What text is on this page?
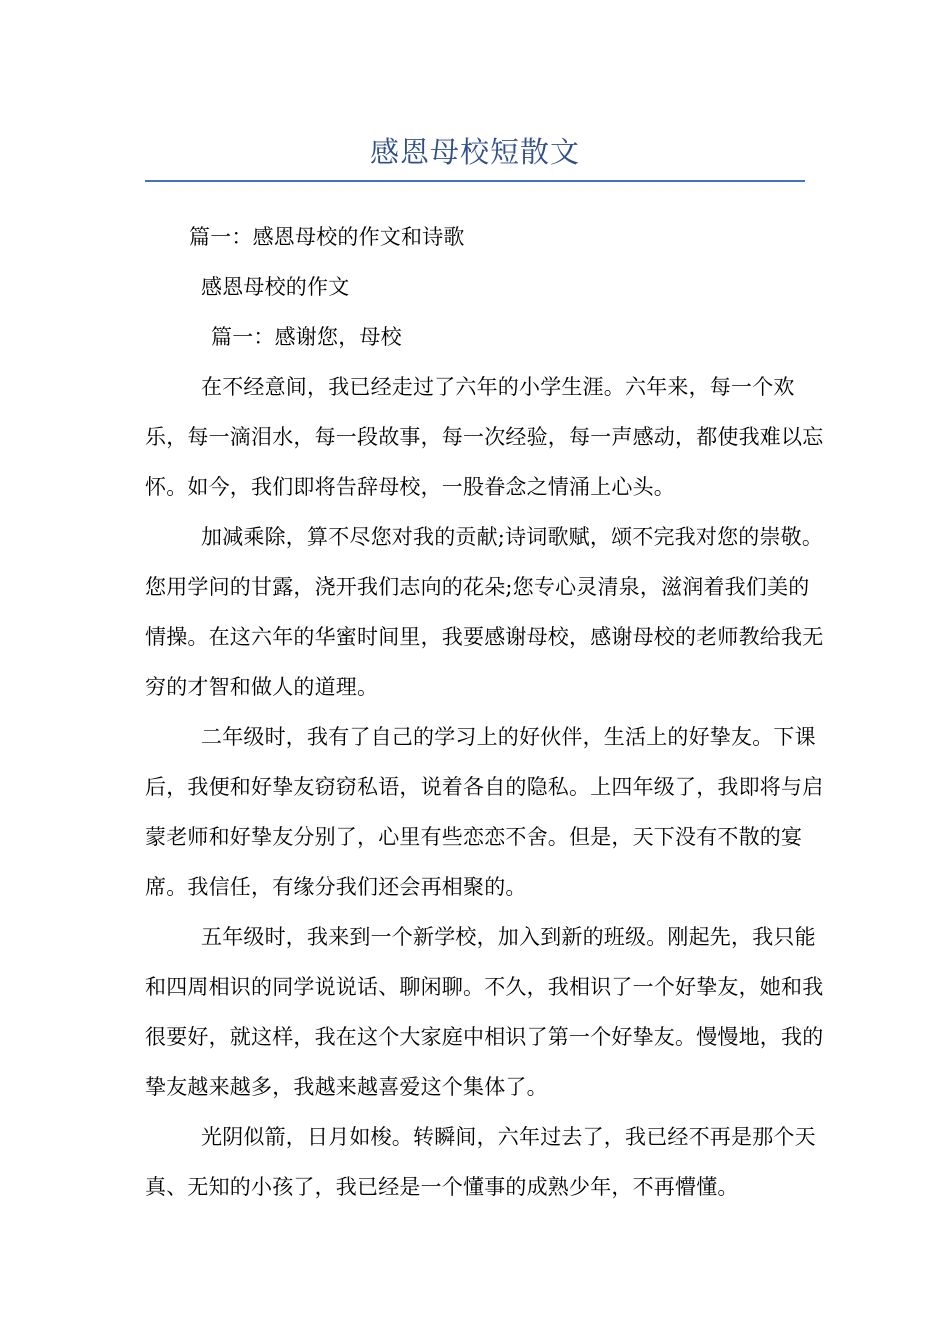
感恩母校短散文

篇一：感恩母校的作文和诗歌

感恩母校的作文

篇一：感谢您，母校

在不经意间，我已经走过了六年的小学生涯。六年来，每一个欢乐，每一滴泪水，每一段故事，每一次经验，每一声感动，都使我难以忘怀。如今，我们即将告辞母校，一股眷念之情涌上心头。

加减乘除，算不尽您对我的贡献;诗词歌赋，颂不完我对您的崇敬。您用学问的甘露，浇开我们志向的花朵;您专心灵清泉，滋润着我们美的情操。在这六年的华蜜时间里，我要感谢母校，感谢母校的老师教给我无穷的才智和做人的道理。

二年级时，我有了自己的学习上的好伙伴，生活上的好挚友。下课后，我便和好挚友窃窃私语，说着各自的隐私。上四年级了，我即将与启蒙老师和好挚友分别了，心里有些恋恋不舍。但是，天下没有不散的宴席。我信任，有缘分我们还会再相聚的。

五年级时，我来到一个新学校，加入到新的班级。刚起先，我只能和四周相识的同学说说话、聊闲聊。不久，我相识了一个好挚友，她和我很要好，就这样，我在这个大家庭中相识了第一个好挚友。慢慢地，我的挚友越来越多，我越来越喜爱这个集体了。

光阴似箭，日月如梭。转瞬间，六年过去了，我已经不再是那个天真、无知的小孩了，我已经是一个懂事的成熟少年，不再懵懂。
